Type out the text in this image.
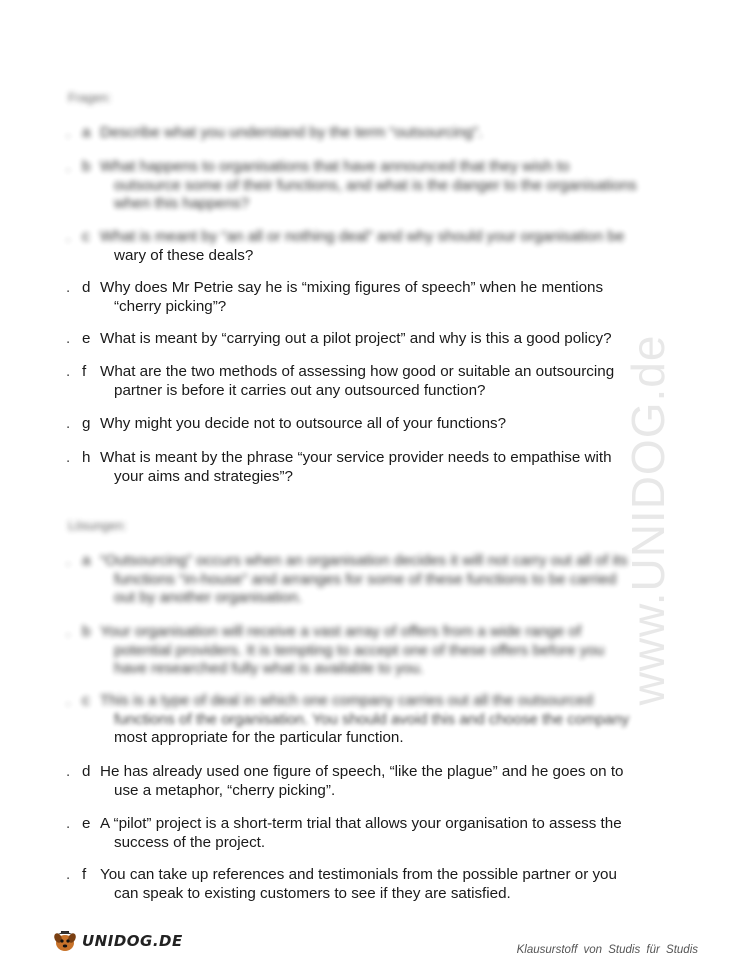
www.UNIDOG.de
Fragen:
. a Describe what you understand by the term “outsourcing”.
. b What happens to organisations that have announced that they wish to
outsource some of their functions, and what is the danger to the organisations
when this happens?
. c What is meant by “an all or nothing deal” and why should your organisation be
wary of these deals?
. d Why does Mr Petrie say he is “mixing figures of speech” when he mentions
“cherry picking”?
. e What is meant by “carrying out a pilot project” and why is this a good policy?
. f What are the two methods of assessing how good or suitable an outsourcing
partner is before it carries out any outsourced function?
. g Why might you decide not to outsource all of your functions?
. h What is meant by the phrase “your service provider needs to empathise with
your aims and strategies”?
Lösungen:
. a “Outsourcing” occurs when an organisation decides it will not carry out all of its
functions “in-house” and arranges for some of these functions to be carried
out by another organisation.
. b Your organisation will receive a vast array of offers from a wide range of
potential providers. It is tempting to accept one of these offers before you
have researched fully what is available to you.
. c This is a type of deal in which one company carries out all the outsourced
functions of the organisation. You should avoid this and choose the company
most appropriate for the particular function.
. d He has already used one figure of speech, “like the plague” and he goes on to
use a metaphor, “cherry picking”.
. e A “pilot” project is a short-term trial that allows your organisation to assess the
success of the project.
. f You can take up references and testimonials from the possible partner or you
can speak to existing customers to see if they are satisfied.
UNIDOG.DE	Klausurstoff von Studis für Studis
